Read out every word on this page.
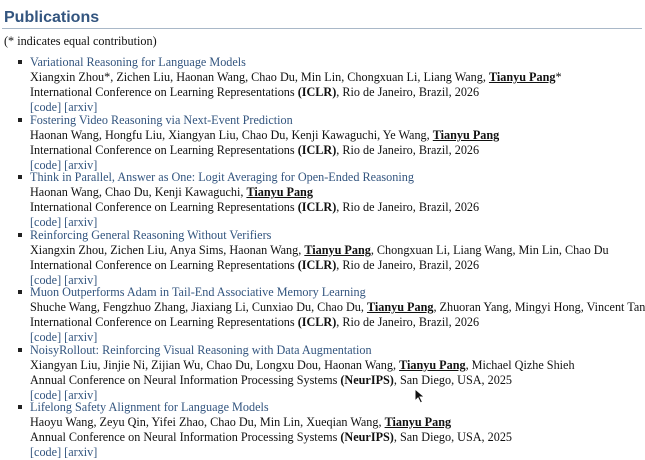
Publications
(* indicates equal contribution)
Variational Reasoning for Language Models
Xiangxin Zhou*, Zichen Liu, Haonan Wang, Chao Du, Min Lin, Chongxuan Li, Liang Wang, Tianyu Pang*
International Conference on Learning Representations (ICLR), Rio de Janeiro, Brazil, 2026
[code] [arxiv]
Fostering Video Reasoning via Next-Event Prediction
Haonan Wang, Hongfu Liu, Xiangyan Liu, Chao Du, Kenji Kawaguchi, Ye Wang, Tianyu Pang
International Conference on Learning Representations (ICLR), Rio de Janeiro, Brazil, 2026
[code] [arxiv]
Think in Parallel, Answer as One: Logit Averaging for Open-Ended Reasoning
Haonan Wang, Chao Du, Kenji Kawaguchi, Tianyu Pang
International Conference on Learning Representations (ICLR), Rio de Janeiro, Brazil, 2026
[code] [arxiv]
Reinforcing General Reasoning Without Verifiers
Xiangxin Zhou, Zichen Liu, Anya Sims, Haonan Wang, Tianyu Pang, Chongxuan Li, Liang Wang, Min Lin, Chao Du
International Conference on Learning Representations (ICLR), Rio de Janeiro, Brazil, 2026
[code] [arxiv]
Muon Outperforms Adam in Tail-End Associative Memory Learning
Shuche Wang, Fengzhuo Zhang, Jiaxiang Li, Cunxiao Du, Chao Du, Tianyu Pang, Zhuoran Yang, Mingyi Hong, Vincent Tan
International Conference on Learning Representations (ICLR), Rio de Janeiro, Brazil, 2026
[code] [arxiv]
NoisyRollout: Reinforcing Visual Reasoning with Data Augmentation
Xiangyan Liu, Jinjie Ni, Zijian Wu, Chao Du, Longxu Dou, Haonan Wang, Tianyu Pang, Michael Qizhe Shieh
Annual Conference on Neural Information Processing Systems (NeurIPS), San Diego, USA, 2025
[code] [arxiv]
Lifelong Safety Alignment for Language Models
Haoyu Wang, Zeyu Qin, Yifei Zhao, Chao Du, Min Lin, Xueqian Wang, Tianyu Pang
Annual Conference on Neural Information Processing Systems (NeurIPS), San Diego, USA, 2025
[code] [arxiv]
